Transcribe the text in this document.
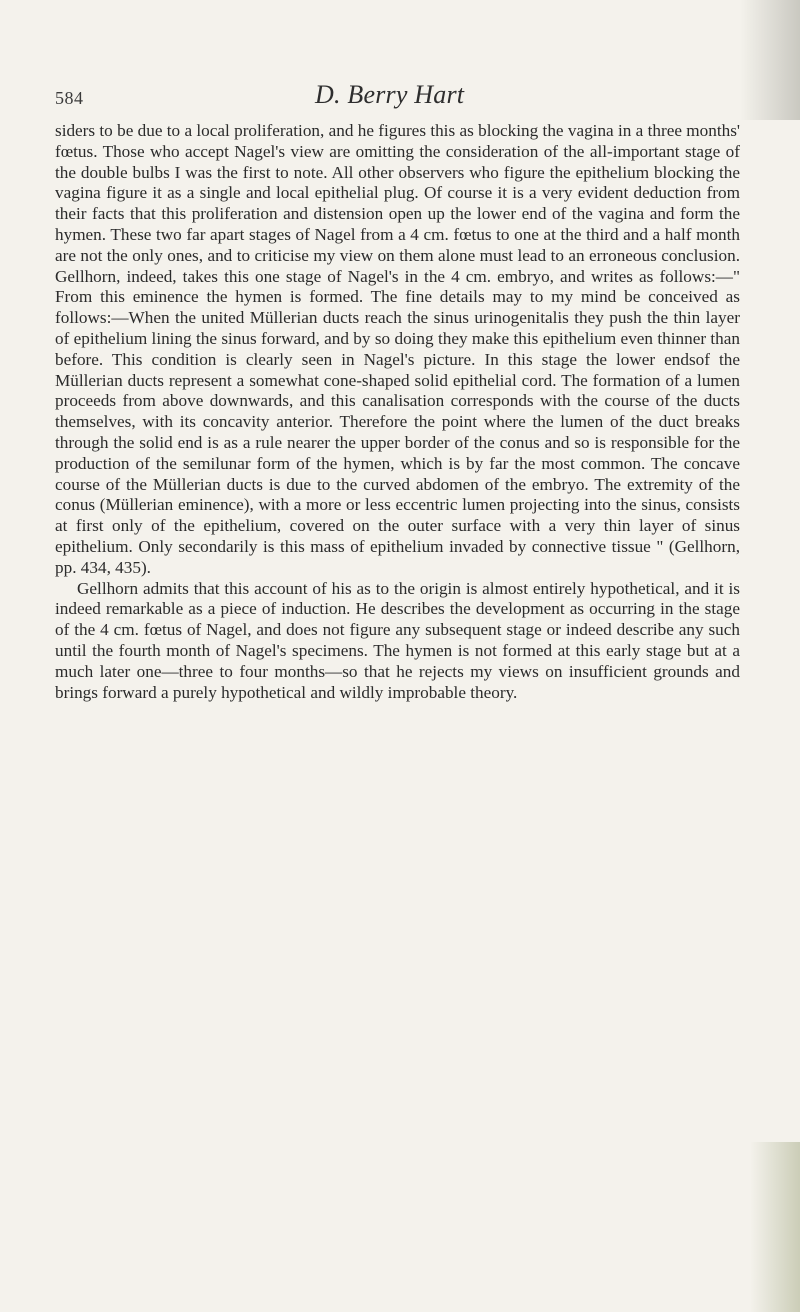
584	D. Berry Hart

siders to be due to a local proliferation, and he figures this as blocking the vagina in a three months' fœtus. Those who accept Nagel's view are omitting the consideration of the all-important stage of the double bulbs I was the first to note. All other observers who figure the epithelium blocking the vagina figure it as a single and local epithelial plug. Of course it is a very evident deduction from their facts that this proliferation and distension open up the lower end of the vagina and form the hymen. These two far apart stages of Nagel from a 4 cm. fœtus to one at the third and a half month are not the only ones, and to criticise my view on them alone must lead to an erroneous conclusion. Gellhorn, indeed, takes this one stage of Nagel's in the 4 cm. embryo, and writes as follows:—" From this eminence the hymen is formed. The fine details may to my mind be conceived as follows:—When the united Müllerian ducts reach the sinus urinogenitalis they push the thin layer of epithelium lining the sinus forward, and by so doing they make this epithelium even thinner than before. This condition is clearly seen in Nagel's picture. In this stage the lower endsof the Müllerian ducts represent a somewhat cone-shaped solid epithelial cord. The formation of a lumen proceeds from above downwards, and this canalisation corresponds with the course of the ducts themselves, with its concavity anterior. Therefore the point where the lumen of the duct breaks through the solid end is as a rule nearer the upper border of the conus and so is responsible for the production of the semilunar form of the hymen, which is by far the most common. The concave course of the Müllerian ducts is due to the curved abdomen of the embryo. The extremity of the conus (Müllerian eminence), with a more or less eccentric lumen projecting into the sinus, consists at first only of the epithelium, covered on the outer surface with a very thin layer of sinus epithelium. Only secondarily is this mass of epithelium invaded by connective tissue " (Gellhorn, pp. 434, 435).

Gellhorn admits that this account of his as to the origin is almost entirely hypothetical, and it is indeed remarkable as a piece of induction. He describes the development as occurring in the stage of the 4 cm. fœtus of Nagel, and does not figure any subsequent stage or indeed describe any such until the fourth month of Nagel's specimens. The hymen is not formed at this early stage but at a much later one—three to four months—so that he rejects my views on insufficient grounds and brings forward a purely hypothetical and wildly improbable theory.
